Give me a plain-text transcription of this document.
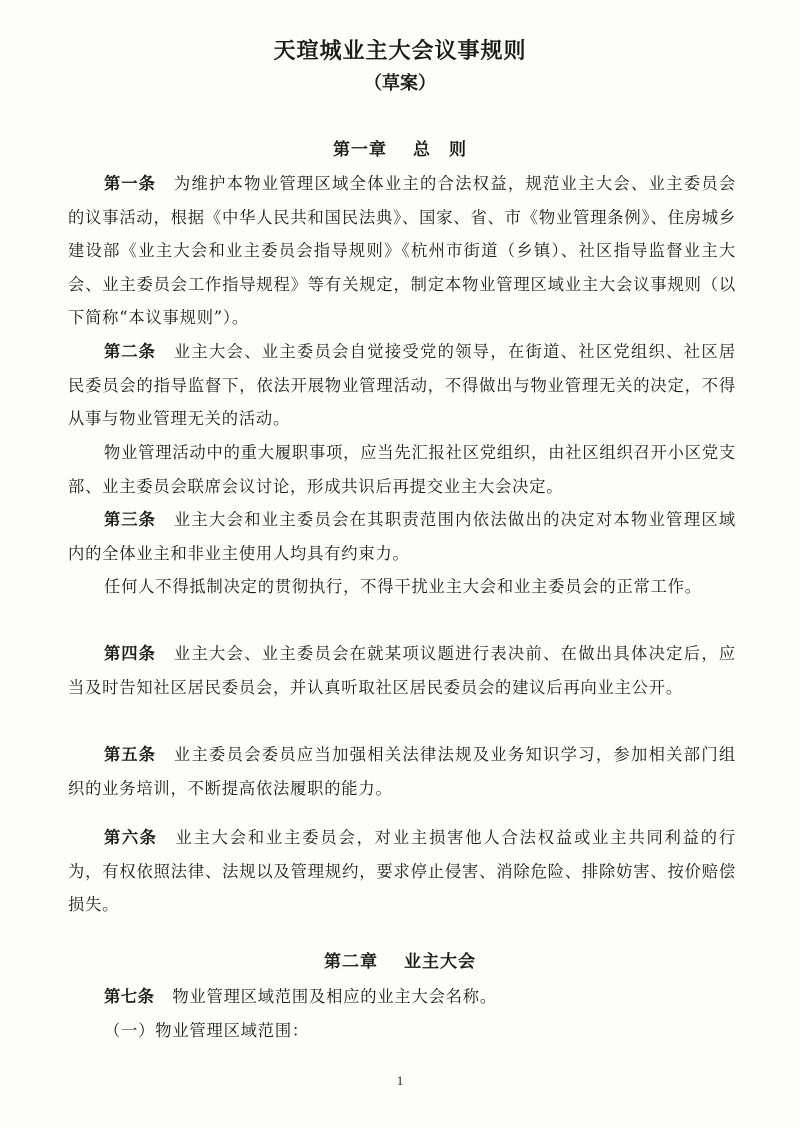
天瑄城业主大会议事规则
（草案）
第一章 总　则

第一条 为维护本物业管理区域全体业主的合法权益，规范业主大会、业主委员会的议事活动，根据《中华人民共和国民法典》、国家、省、市《物业管理条例》、住房城乡建设部《业主大会和业主委员会指导规则》《杭州市街道（乡镇）、社区指导监督业主大会、业主委员会工作指导规程》等有关规定，制定本物业管理区域业主大会议事规则（以下简称“本议事规则”）。

第二条 业主大会、业主委员会自觉接受党的领导，在街道、社区党组织、社区居民委员会的指导监督下，依法开展物业管理活动，不得做出与物业管理无关的决定，不得从事与物业管理无关的活动。

物业管理活动中的重大履职事项，应当先汇报社区党组织，由社区组织召开小区党支部、业主委员会联席会议讨论，形成共识后再提交业主大会决定。

第三条 业主大会和业主委员会在其职责范围内依法做出的决定对本物业管理区域内的全体业主和非业主使用人均具有约束力。

任何人不得抵制决定的贯彻执行，不得干扰业主大会和业主委员会的正常工作。

第四条 业主大会、业主委员会在就某项议题进行表决前、在做出具体决定后，应当及时告知社区居民委员会，并认真听取社区居民委员会的建议后再向业主公开。

第五条 业主委员会委员应当加强相关法律法规及业务知识学习，参加相关部门组织的业务培训，不断提高依法履职的能力。

第六条 业主大会和业主委员会，对业主损害他人合法权益或业主共同利益的行为，有权依照法律、法规以及管理规约，要求停止侵害、消除危险、排除妨害、按价赔偿损失。

第二章 业主大会

第七条 物业管理区域范围及相应的业主大会名称。

（一）物业管理区域范围：

1
